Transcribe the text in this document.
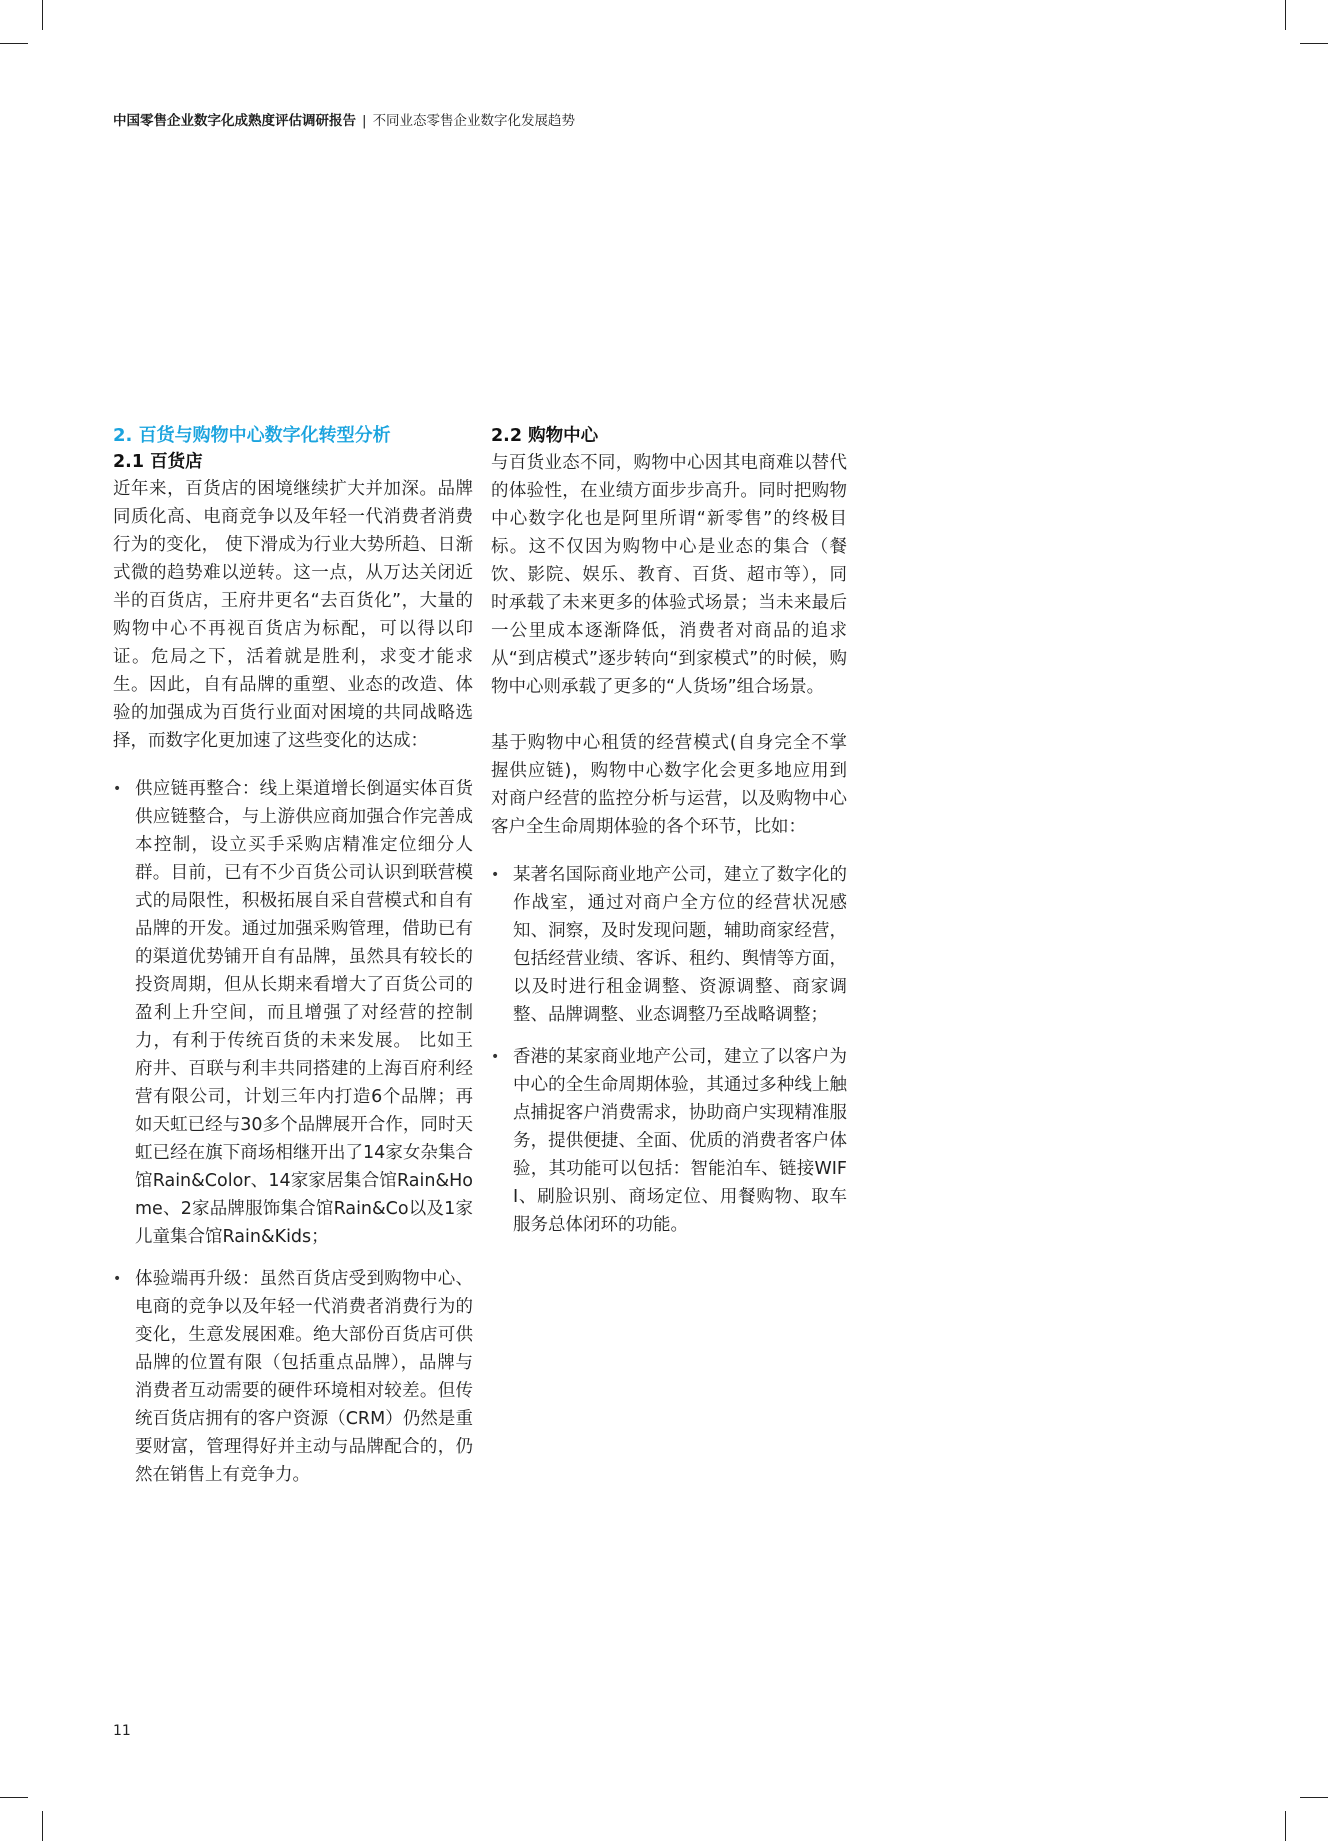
中国零售企业数字化成熟度评估调研报告 | 不同业态零售企业数字化发展趋势
2. 百货与购物中心数字化转型分析
2.1 百货店

近年来，百货店的困境继续扩大并加深。品牌同质化高、电商竞争以及年轻一代消费者消费行为的变化， 使下滑成为行业大势所趋、日渐式微的趋势难以逆转。这一点，从万达关闭近半的百货店，王府井更名“去百货化”，大量的购物中心不再视百货店为标配，可以得以印证。危局之下，活着就是胜利，求变才能求生。因此，自有品牌的重塑、业态的改造、体验的加强成为百货行业面对困境的共同战略选择，而数字化更加速了这些变化的达成：

• 供应链再整合：线上渠道增长倒逼实体百货供应链整合，与上游供应商加强合作完善成本控制，设立买手采购店精准定位细分人群。目前，已有不少百货公司认识到联营模式的局限性，积极拓展自采自营模式和自有品牌的开发。通过加强采购管理，借助已有的渠道优势铺开自有品牌，虽然具有较长的投资周期，但从长期来看增大了百货公司的盈利上升空间，而且增强了对经营的控制力，有利于传统百货的未来发展。 比如王府井、百联与利丰共同搭建的上海百府利经营有限公司，计划三年内打造6个品牌；再如天虹已经与30多个品牌展开合作，同时天虹已经在旗下商场相继开出了14家女杂集合馆Rain&Color、14家家居集合馆Rain&Home、2家品牌服饰集合馆Rain&Co以及1家儿童集合馆Rain&Kids；
• 体验端再升级：虽然百货店受到购物中心、电商的竞争以及年轻一代消费者消费行为的变化，生意发展困难。绝大部份百货店可供品牌的位置有限（包括重点品牌），品牌与消费者互动需要的硬件环境相对较差。但传统百货店拥有的客户资源（CRM）仍然是重要财富，管理得好并主动与品牌配合的，仍然在销售上有竞争力。
2.2 购物中心

与百货业态不同，购物中心因其电商难以替代的体验性，在业绩方面步步高升。同时把购物中心数字化也是阿里所谓“新零售”的终极目标。这不仅因为购物中心是业态的集合（餐饮、影院、娱乐、教育、百货、超市等），同时承载了未来更多的体验式场景；当未来最后一公里成本逐渐降低，消费者对商品的追求从“到店模式”逐步转向“到家模式”的时候，购物中心则承载了更多的“人货场”组合场景。

基于购物中心租赁的经营模式(自身完全不掌握供应链)，购物中心数字化会更多地应用到对商户经营的监控分析与运营，以及购物中心客户全生命周期体验的各个环节，比如：

• 某著名国际商业地产公司，建立了数字化的作战室，通过对商户全方位的经营状况感知、洞察，及时发现问题，辅助商家经营，包括经营业绩、客诉、租约、舆情等方面，以及时进行租金调整、资源调整、商家调整、品牌调整、业态调整乃至战略调整；
• 香港的某家商业地产公司，建立了以客户为中心的全生命周期体验，其通过多种线上触点捕捉客户消费需求，协助商户实现精准服务，提供便捷、全面、优质的消费者客户体验，其功能可以包括：智能泊车、链接WIFI、刷脸识别、商场定位、用餐购物、取车服务总体闭环的功能。
11
